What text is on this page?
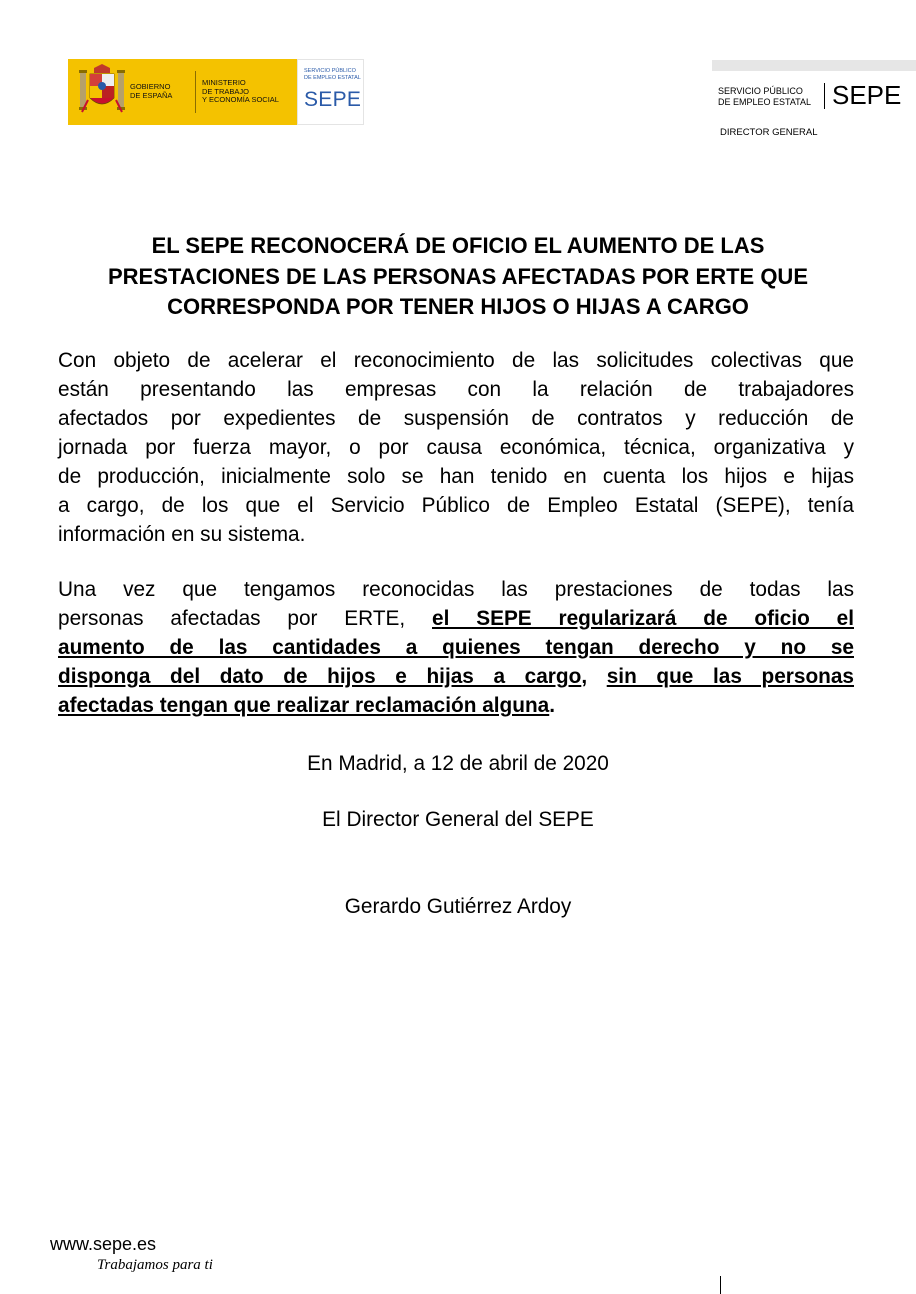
GOBIERNO
DE ESPAÑA
MINISTERIO
DE TRABAJO
Y ECONOMÍA SOCIAL
SERVICIO PÚBLICO
DE EMPLEO ESTATAL
SEPE	SERVICIO PÚBLICO
DE EMPLEO ESTATAL SEPE
DIRECTOR GENERAL
EL SEPE RECONOCERÁ DE OFICIO EL AUMENTO DE LAS
PRESTACIONES DE LAS PERSONAS AFECTADAS POR ERTE QUE
CORRESPONDA POR TENER HIJOS O HIJAS A CARGO
Con objeto de acelerar el reconocimiento de las solicitudes colectivas que
están presentando las empresas con la relación de trabajadores
afectados por expedientes de suspensión de contratos y reducción de
jornada por fuerza mayor, o por causa económica, técnica, organizativa y
de producción, inicialmente solo se han tenido en cuenta los hijos e hijas
a cargo, de los que el Servicio Público de Empleo Estatal (SEPE), tenía
información en su sistema.
Una vez que tengamos reconocidas las prestaciones de todas las
personas afectadas por ERTE, el SEPE regularizará de oficio el
aumento de las cantidades a quienes tengan derecho y no se
disponga del dato de hijos e hijas a cargo, sin que las personas
afectadas tengan que realizar reclamación alguna.
En Madrid, a 12 de abril de 2020
El Director General del SEPE
Gerardo Gutiérrez Ardoy
www.sepe.es
Trabajamos para ti
